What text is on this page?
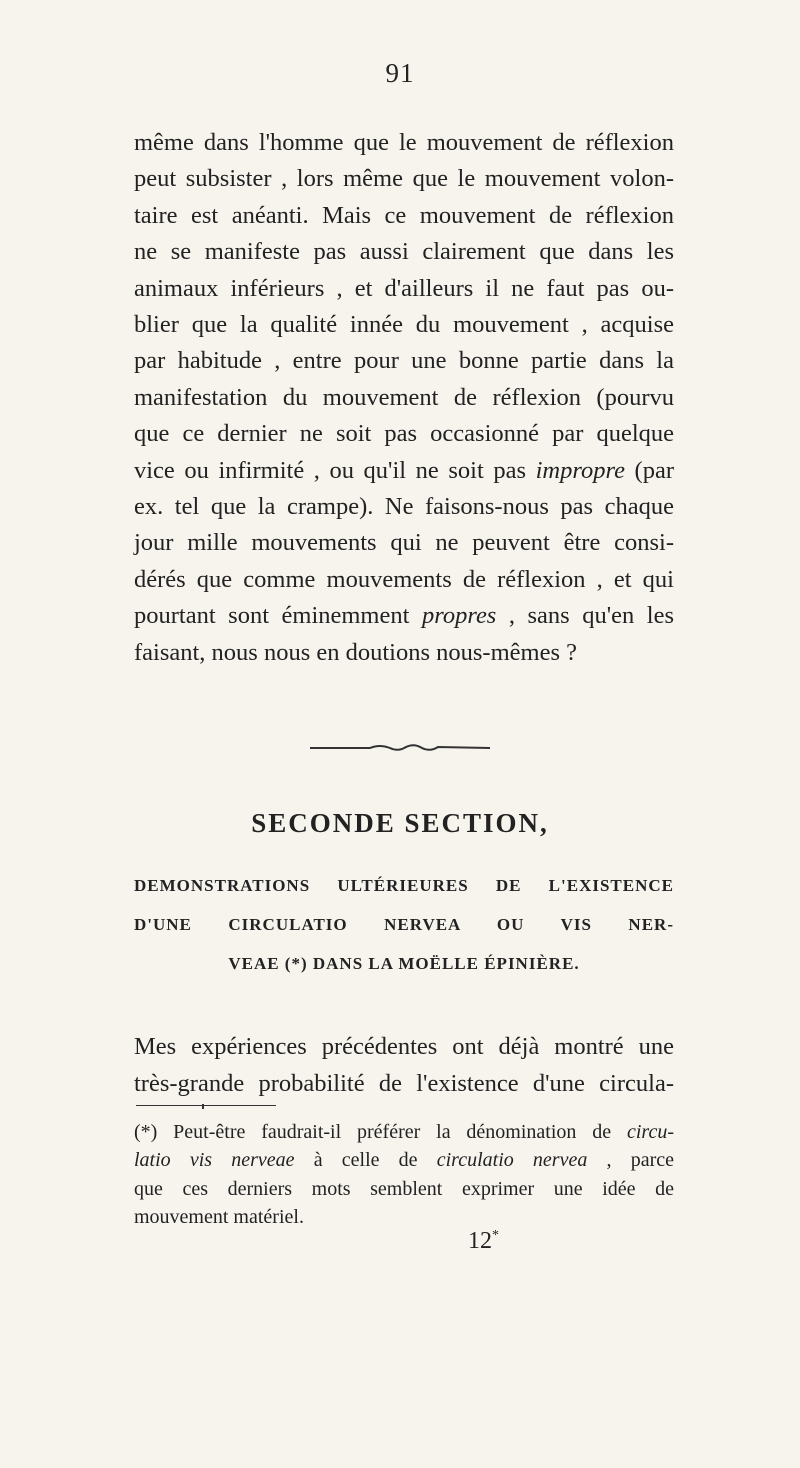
91
même dans l'homme que le mouvement de réflexion
peut subsister , lors même que le mouvement volon-
taire est anéanti. Mais ce mouvement de réflexion
ne se manifeste pas aussi clairement que dans les
animaux inférieurs , et d'ailleurs il ne faut pas ou-
blier que la qualité innée du mouvement , acquise
par habitude , entre pour une bonne partie dans la
manifestation du mouvement de réflexion (pourvu
que ce dernier ne soit pas occasionné par quelque
vice ou infirmité , ou qu'il ne soit pas impropre (par
ex. tel que la crampe). Ne faisons-nous pas chaque
jour mille mouvements qui ne peuvent être consi-
dérés que comme mouvements de réflexion , et qui
pourtant sont éminemment propres , sans qu'en les
faisant, nous nous en doutions nous-mêmes ?
SECONDE SECTION,
DEMONSTRATIONS ULTÉRIEURES DE L'EXISTENCE
D'UNE CIRCULATIO NERVEA OU VIS NER-
VEAE (*) DANS LA MOËLLE ÉPINIÈRE.
Mes expériences précédentes ont déjà montré une
très-grande probabilité de l'existence d'une circula-
(*) Peut-être faudrait-il préférer la dénomination de circu-
latio vis nerveae à celle de circulatio nervea , parce
que ces derniers mots semblent exprimer une idée de
mouvement matériel.
12*
